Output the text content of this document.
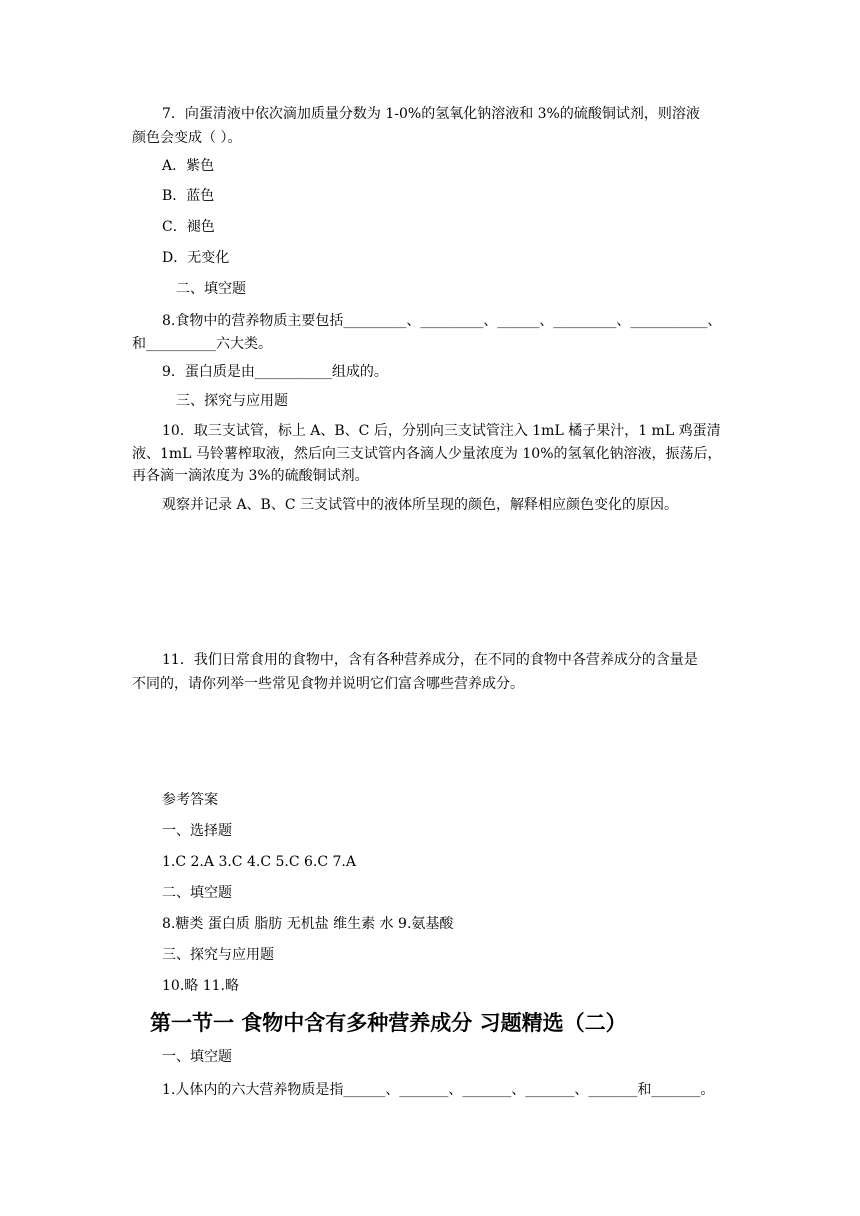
7．向蛋清液中依次滴加质量分数为 1-0%的氢氧化钠溶液和 3%的硫酸铜试剂，则溶液
颜色会变成（ ）。
A．紫色
B．蓝色
C．褪色
D．无变化
二、填空题
8.食物中的营养物质主要包括_________、_________、______、_________、___________、
和__________六大类。
9．蛋白质是由___________组成的。
三、探究与应用题
10．取三支试管，标上 A、B、C 后，分别向三支试管注入 1mL 橘子果汁，1 mL 鸡蛋清
液、1mL 马铃薯榨取液，然后向三支试管内各滴人少量浓度为 10%的氢氧化钠溶液，振荡后，
再各滴一滴浓度为 3%的硫酸铜试剂。
观察并记录 A、B、C 三支试管中的液体所呈现的颜色，解释相应颜色变化的原因。
11．我们日常食用的食物中，含有各种营养成分，在不同的食物中各营养成分的含量是
不同的，请你列举一些常见食物并说明它们富含哪些营养成分。
参考答案
一、选择题
1.C 2.A 3.C 4.C 5.C 6.C 7.A
二、填空题
8.糖类 蛋白质 脂肪 无机盐 维生素 水 9.氨基酸
三、探究与应用题
10.略 11.略
第一节一 食物中含有多种营养成分 习题精选（二）
一、填空题
1.人体内的六大营养物质是指______、_______、_______、_______、_______和_______。
